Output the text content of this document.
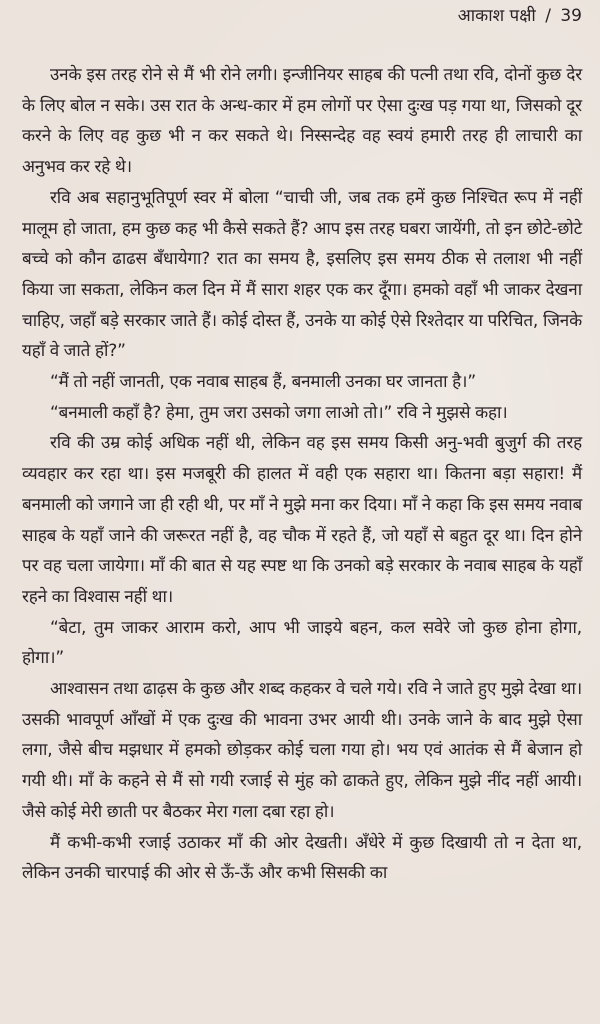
आकाश पक्षी / 39

उनके इस तरह रोने से मैं भी रोने लगी। इन्जीनियर साहब की पत्नी तथा रवि, दोनों कुछ देर के लिए बोल न सके। उस रात के अन्ध-कार में हम लोगों पर ऐसा दुःख पड़ गया था, जिसको दूर करने के लिए वह कुछ भी न कर सकते थे। निस्सन्देह वह स्वयं हमारी तरह ही लाचारी का अनुभव कर रहे थे।

रवि अब सहानुभूतिपूर्ण स्वर में बोला “चाची जी, जब तक हमें कुछ निश्चित रूप में नहीं मालूम हो जाता, हम कुछ कह भी कैसे सकते हैं? आप इस तरह घबरा जायेंगी, तो इन छोटे-छोटे बच्चे को कौन ढाढस बँधायेगा? रात का समय है, इसलिए इस समय ठीक से तलाश भी नहीं किया जा सकता, लेकिन कल दिन में मैं सारा शहर एक कर दूँगा। हमको वहाँ भी जाकर देखना चाहिए, जहाँ बड़े सरकार जाते हैं। कोई दोस्त हैं, उनके या कोई ऐसे रिश्तेदार या परिचित, जिनके यहाँ वे जाते हों?”

“मैं तो नहीं जानती, एक नवाब साहब हैं, बनमाली उनका घर जानता है।”

“बनमाली कहाँ है? हेमा, तुम जरा उसको जगा लाओ तो।” रवि ने मुझसे कहा।

रवि की उम्र कोई अधिक नहीं थी, लेकिन वह इस समय किसी अनु-भवी बुजुर्ग की तरह व्यवहार कर रहा था। इस मजबूरी की हालत में वही एक सहारा था। कितना बड़ा सहारा! मैं बनमाली को जगाने जा ही रही थी, पर माँ ने मुझे मना कर दिया। माँ ने कहा कि इस समय नवाब साहब के यहाँ जाने की जरूरत नहीं है, वह चौक में रहते हैं, जो यहाँ से बहुत दूर था। दिन होने पर वह चला जायेगा। माँ की बात से यह स्पष्ट था कि उनको बड़े सरकार के नवाब साहब के यहाँ रहने का विश्वास नहीं था।

“बेटा, तुम जाकर आराम करो, आप भी जाइये बहन, कल सवेरे जो कुछ होना होगा, होगा।”

आश्वासन तथा ढाढ़स के कुछ और शब्द कहकर वे चले गये। रवि ने जाते हुए मुझे देखा था। उसकी भावपूर्ण आँखों में एक दुःख की भावना उभर आयी थी। उनके जाने के बाद मुझे ऐसा लगा, जैसे बीच मझधार में हमको छोड़कर कोई चला गया हो। भय एवं आतंक से मैं बेजान हो गयी थी। माँ के कहने से मैं सो गयी रजाई से मुंह को ढाकते हुए, लेकिन मुझे नींद नहीं आयी। जैसे कोई मेरी छाती पर बैठकर मेरा गला दबा रहा हो।

मैं कभी-कभी रजाई उठाकर माँ की ओर देखती। अँधेरे में कुछ दिखायी तो न देता था, लेकिन उनकी चारपाई की ओर से ऊँ-ऊँ और कभी सिसकी का
